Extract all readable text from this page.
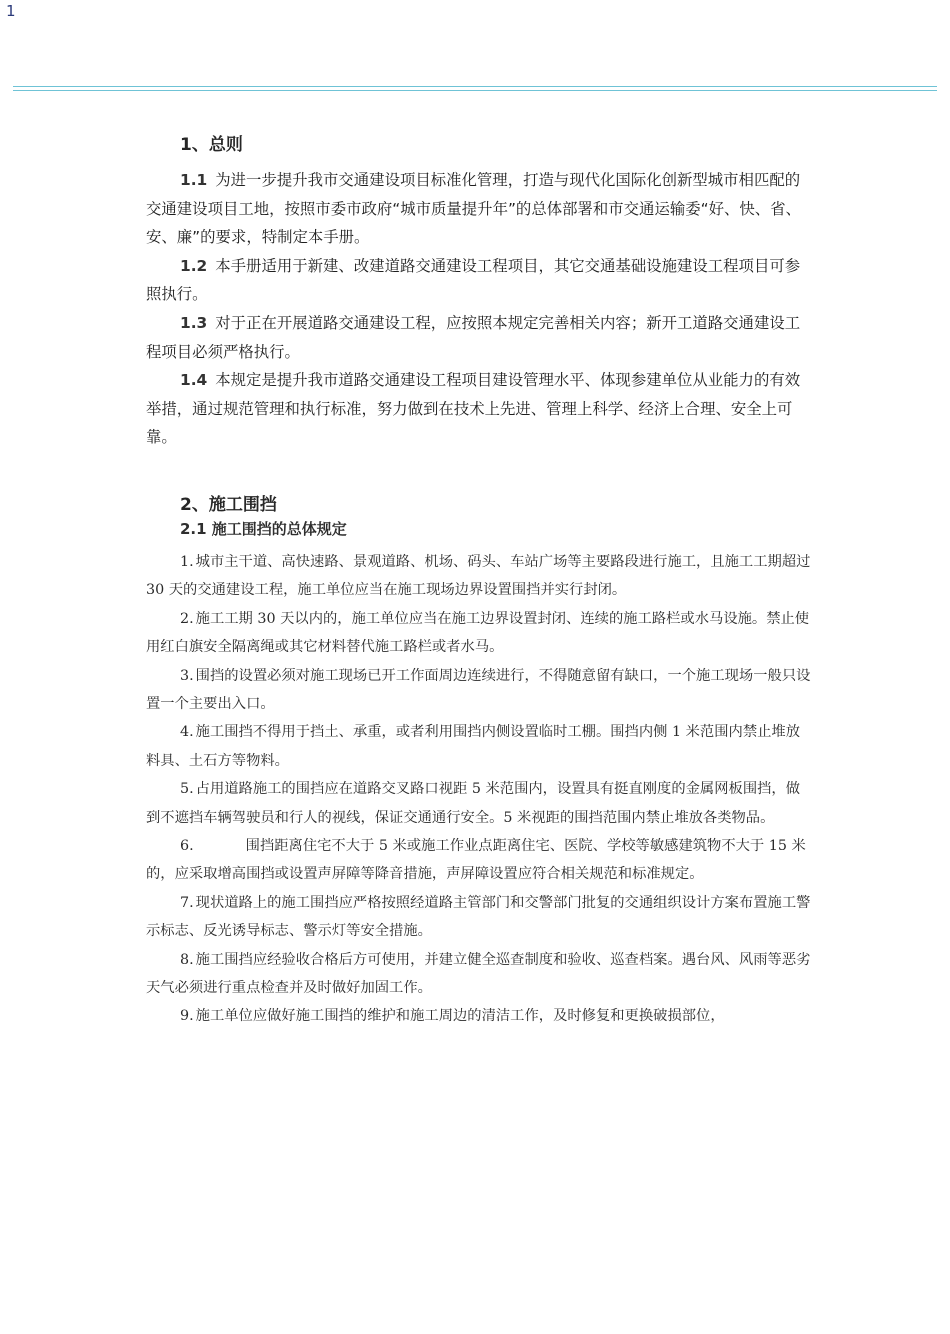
1
1、总则

1.1 为进一步提升我市交通建设项目标准化管理，打造与现代化国际化创新型城市相匹配的交通建设项目工地，按照市委市政府“城市质量提升年”的总体部署和市交通运输委“好、快、省、安、廉”的要求，特制定本手册。

1.2 本手册适用于新建、改建道路交通建设工程项目，其它交通基础设施建设工程项目可参照执行。

1.3 对于正在开展道路交通建设工程，应按照本规定完善相关内容；新开工道路交通建设工程项目必须严格执行。

1.4 本规定是提升我市道路交通建设工程项目建设管理水平、体现参建单位从业能力的有效举措，通过规范管理和执行标准，努力做到在技术上先进、管理上科学、经济上合理、安全上可靠。

2、施工围挡
2.1 施工围挡的总体规定

1. 城市主干道、高快速路、景观道路、机场、码头、车站广场等主要路段进行施工，且施工工期超过 30 天的交通建设工程，施工单位应当在施工现场边界设置围挡并实行封闭。

2. 施工工期 30 天以内的，施工单位应当在施工边界设置封闭、连续的施工路栏或水马设施。禁止使用红白旗安全隔离绳或其它材料替代施工路栏或者水马。

3. 围挡的设置必须对施工现场已开工作面周边连续进行，不得随意留有缺口，一个施工现场一般只设置一个主要出入口。

4. 施工围挡不得用于挡土、承重，或者利用围挡内侧设置临时工棚。围挡内侧 1 米范围内禁止堆放料具、土石方等物料。

5. 占用道路施工的围挡应在道路交叉路口视距 5 米范围内，设置具有挺直刚度的金属网板围挡，做到不遮挡车辆驾驶员和行人的视线，保证交通通行安全。5 米视距的围挡范围内禁止堆放各类物品。

6.	围挡距离住宅不大于 5 米或施工作业点距离住宅、医院、学校等敏感建筑物不大于 15 米的，应采取增高围挡或设置声屏障等降音措施，声屏障设置应符合相关规范和标准规定。

7. 现状道路上的施工围挡应严格按照经道路主管部门和交警部门批复的交通组织设计方案布置施工警示标志、反光诱导标志、警示灯等安全措施。

8. 施工围挡应经验收合格后方可使用，并建立健全巡查制度和验收、巡查档案。遇台风、风雨等恶劣天气必须进行重点检查并及时做好加固工作。

9. 施工单位应做好施工围挡的维护和施工周边的清洁工作，及时修复和更换破损部位，
